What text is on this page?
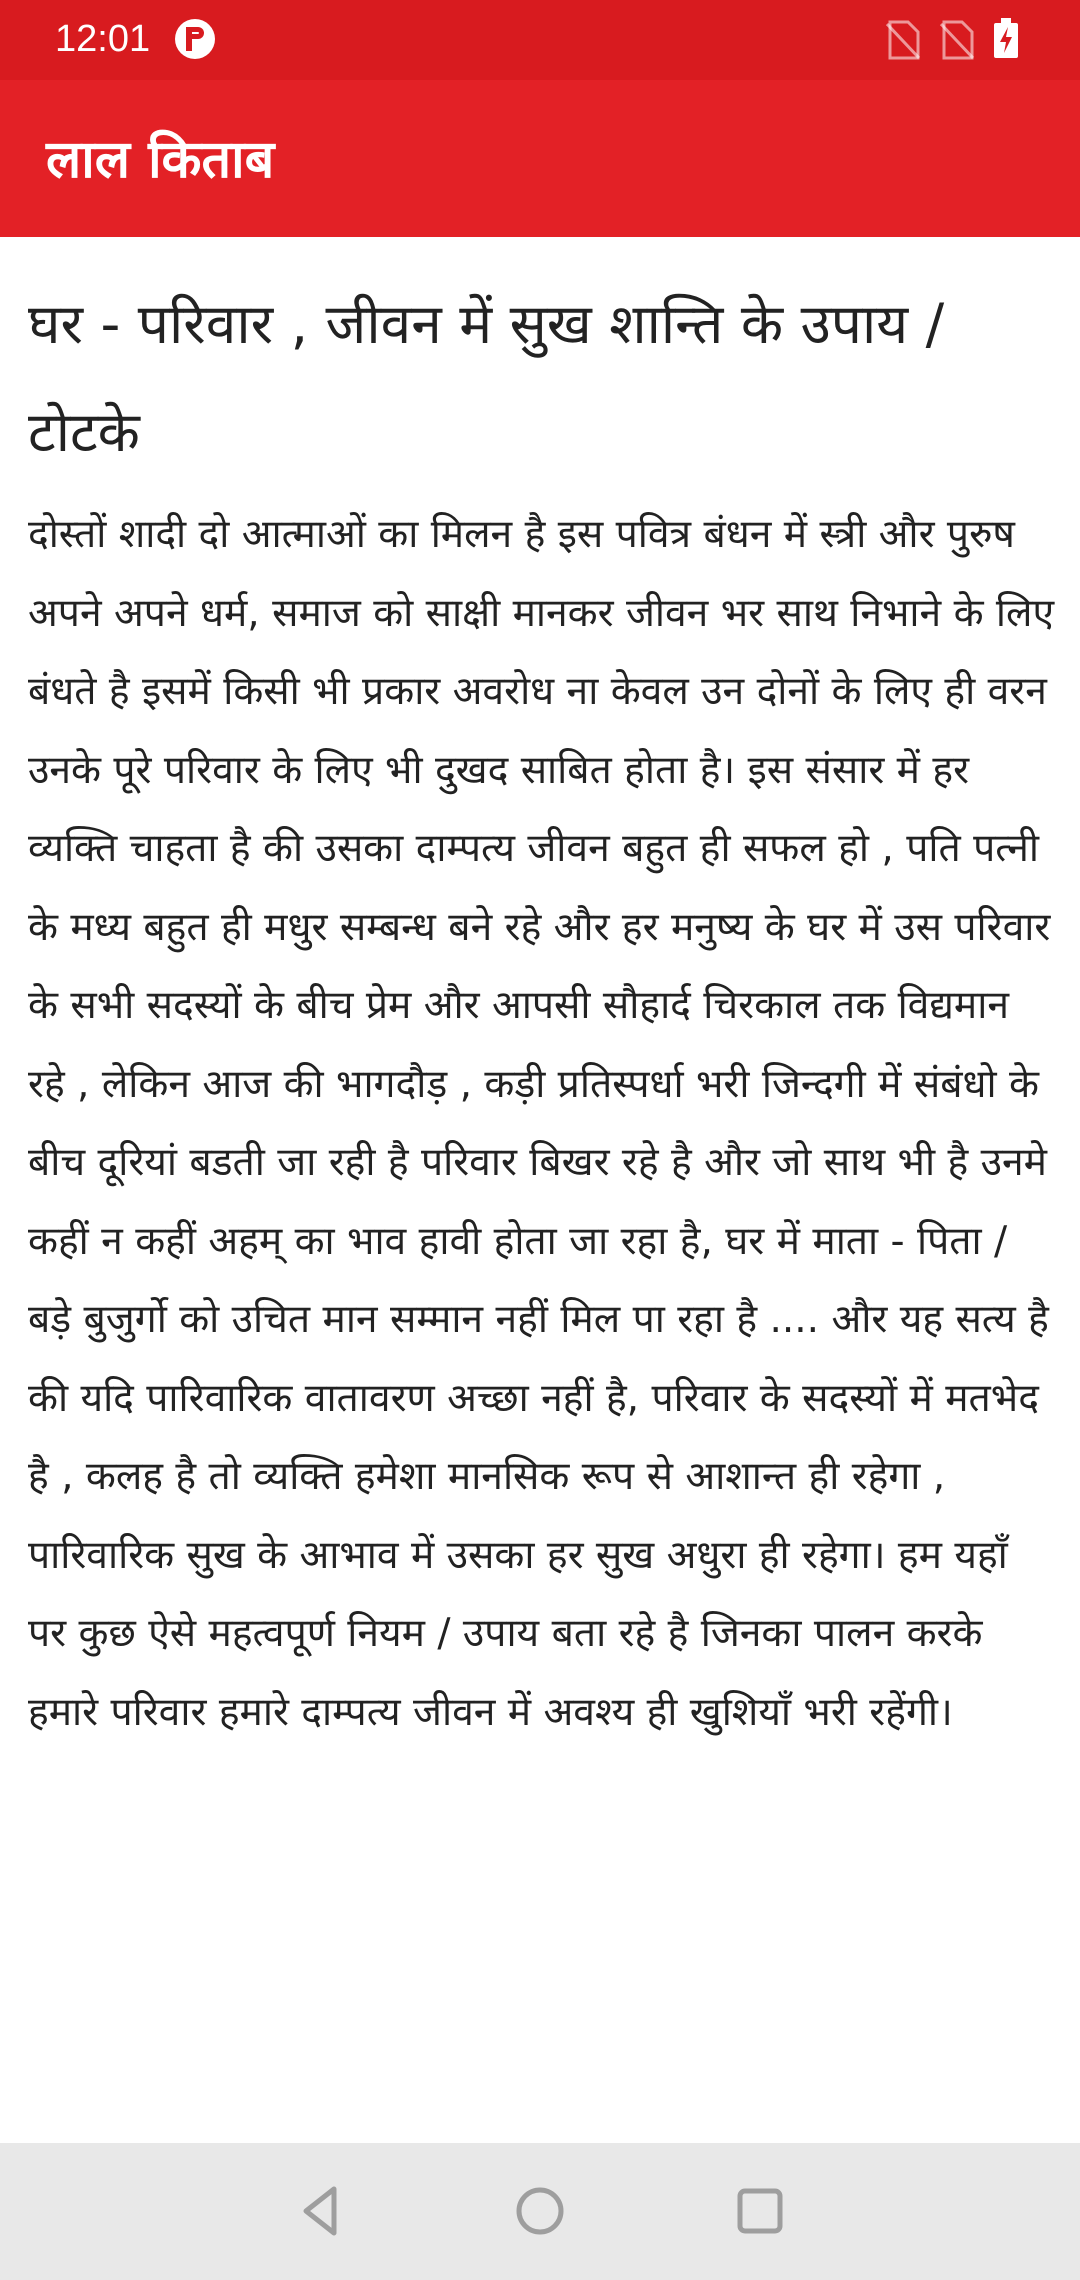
12:01
लाल किताब
घर - परिवार , जीवन में सुख शान्ति के उपाय / टोटके

दोस्तों शादी दो आत्माओं का मिलन है इस पवित्र बंधन में स्त्री और पुरुष अपने अपने धर्म, समाज को साक्षी मानकर जीवन भर साथ निभाने के लिए बंधते है इसमें किसी भी प्रकार अवरोध ना केवल उन दोनों के लिए ही वरन उनके पूरे परिवार के लिए भी दुखद साबित होता है। इस संसार में हर व्यक्ति चाहता है की उसका दाम्पत्य जीवन बहुत ही सफल हो , पति पत्नी के मध्य बहुत ही मधुर सम्बन्ध बने रहे और हर मनुष्य के घर में उस परिवार के सभी सदस्यों के बीच प्रेम और आपसी सौहार्द चिरकाल तक विद्यमान रहे , लेकिन आज की भागदौड़ , कड़ी प्रतिस्पर्धा भरी जिन्दगी में संबंधो के बीच दूरियां बडती जा रही है परिवार बिखर रहे है और जो साथ भी है उनमे कहीं न कहीं अहम् का भाव हावी होता जा रहा है, घर में माता - पिता / बड़े बुजुर्गो को उचित मान सम्मान नहीं मिल पा रहा है .... और यह सत्य है की यदि पारिवारिक वातावरण अच्छा नहीं है, परिवार के सदस्यों में मतभेद है , कलह है तो व्यक्ति हमेशा मानसिक रूप से आशान्त ही रहेगा , पारिवारिक सुख के आभाव में उसका हर सुख अधुरा ही रहेगा। हम यहाँ पर कुछ ऐसे महत्वपूर्ण नियम / उपाय बता रहे है जिनका पालन करके हमारे परिवार हमारे दाम्पत्य जीवन में अवश्य ही खुशियाँ भरी रहेंगी।
